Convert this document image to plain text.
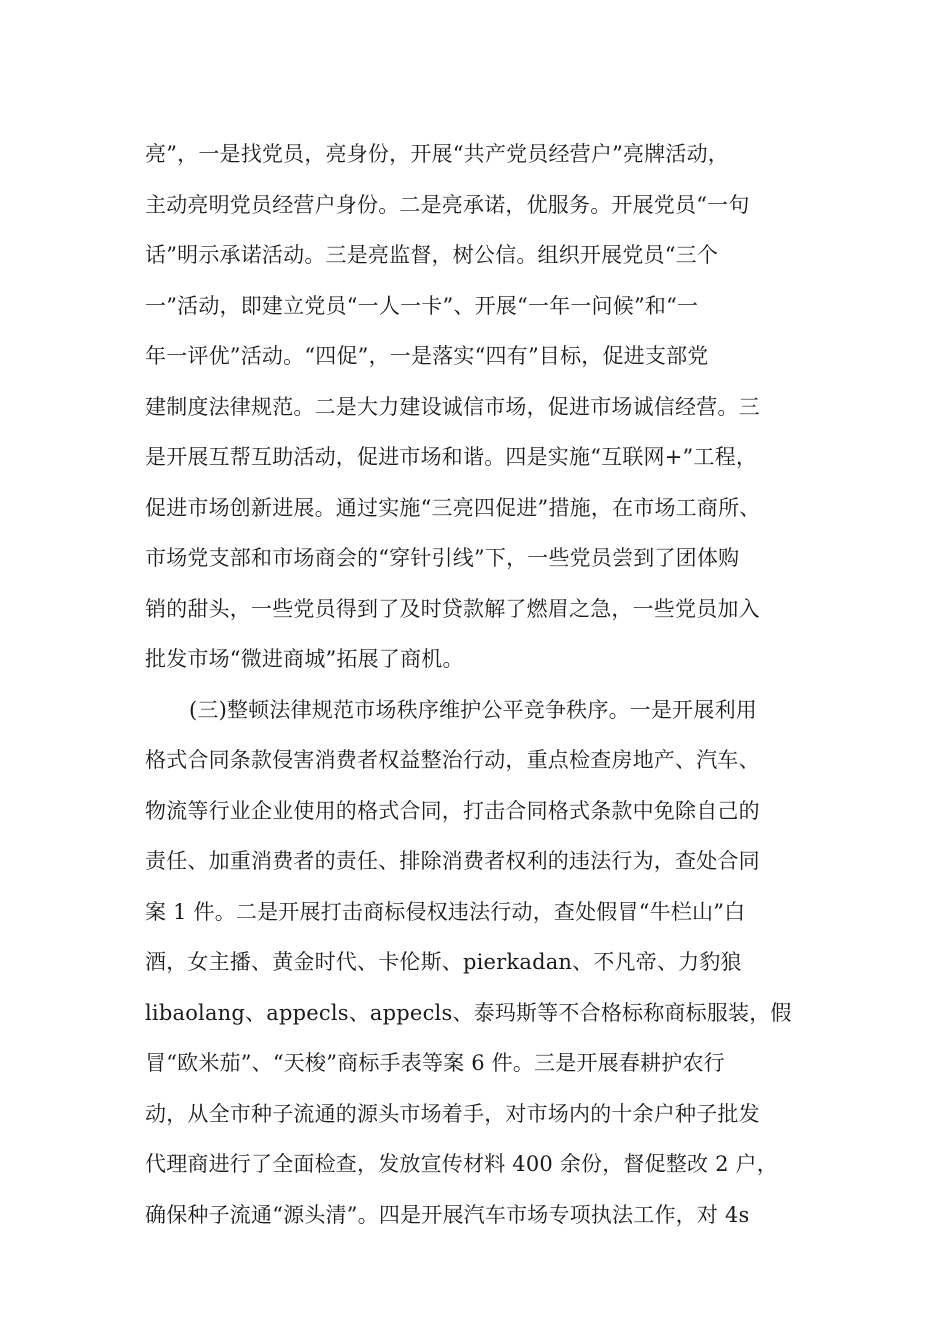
亮”，一是找党员，亮身份，开展“共产党员经营户”亮牌活动，
主动亮明党员经营户身份。二是亮承诺，优服务。开展党员“一句
话”明示承诺活动。三是亮监督，树公信。组织开展党员“三个
一”活动，即建立党员“一人一卡”、开展“一年一问候”和“一
年一评优”活动。“四促”，一是落实“四有”目标，促进支部党
建制度法律规范。二是大力建设诚信市场，促进市场诚信经营。三
是开展互帮互助活动，促进市场和谐。四是实施“互联网+”工程，
促进市场创新进展。通过实施“三亮四促进”措施，在市场工商所、
市场党支部和市场商会的“穿针引线”下，一些党员尝到了团体购
销的甜头，一些党员得到了及时贷款解了燃眉之急，一些党员加入
批发市场“微进商城”拓展了商机。
(三)整顿法律规范市场秩序维护公平竞争秩序。一是开展利用
格式合同条款侵害消费者权益整治行动，重点检查房地产、汽车、
物流等行业企业使用的格式合同，打击合同格式条款中免除自己的
责任、加重消费者的责任、排除消费者权利的违法行为，查处合同
案 1 件。二是开展打击商标侵权违法行动，查处假冒“牛栏山”白
酒，女主播、黄金时代、卡伦斯、pierkadan、不凡帝、力豹狼
libaolang、appecls、appecls、泰玛斯等不合格标称商标服装，假
冒“欧米茄”、“天梭”商标手表等案 6 件。三是开展春耕护农行
动，从全市种子流通的源头市场着手，对市场内的十余户种子批发
代理商进行了全面检查，发放宣传材料 400 余份，督促整改 2 户，
确保种子流通“源头清”。四是开展汽车市场专项执法工作，对 4s
